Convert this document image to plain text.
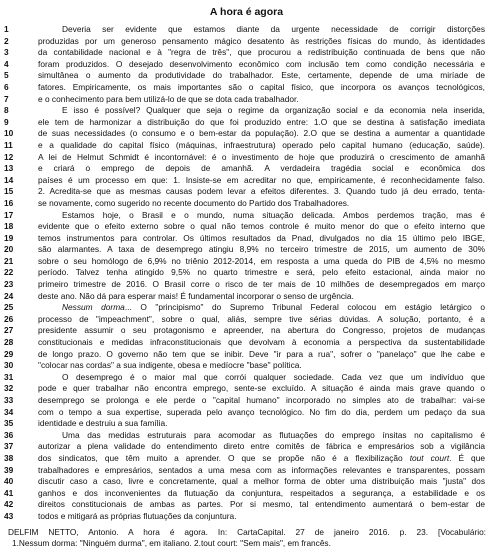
A hora é agora
1	Deveria ser evidente que estamos diante da urgente necessidade de corrigir distorções
2	produzidas por um generoso pensamento mágico desatento às restrições físicas do mundo, às identidades
3	da contabilidade nacional e à "regra de três", que procurou a redistribuição continuada de bens que não
4	foram produzidos. O desejado desenvolvimento econômico com inclusão tem como condição necessária e
5	simultânea o aumento da produtividade do trabalhador. Este, certamente, depende de uma miríade de
6	fatores. Empiricamente, os mais importantes são o capital físico, que incorpora os avanços tecnológicos,
7	e o conhecimento para bem utilizá-lo de que se dota cada trabalhador.
8	E isso é possível? Qualquer que seja o regime da organização social e da economia nela inserida,
9	ele tem de harmonizar a distribuição do que foi produzido entre: 1.O que se destina à satisfação imediata
10	de suas necessidades (o consumo e o bem-estar da população). 2.O que se destina a aumentar a quantidade
11	e a qualidade do capital físico (máquinas, infraestrutura) operado pelo capital humano (educação, saúde).
12	A lei de Helmut Schmidt é incontornável: é o investimento de hoje que produzirá o crescimento de amanhã
13	e criará o emprego de depois de amanhã. A verdadeira tragédia social e econômica dos
14	países é um processo em que: 1. Insiste-se em acreditar no que, empiricamente, é reconhecidamente falso.
15	2. Acredita-se que as mesmas causas podem levar a efeitos diferentes. 3. Quando tudo já deu errado, tenta-
16	se novamente, como sugerido no recente documento do Partido dos Trabalhadores.
17	Estamos hoje, o Brasil e o mundo, numa situação delicada. Ambos perdemos tração, mas é
18	evidente que o efeito externo sobre o qual não temos controle é muito menor do que o efeito interno que
19	temos instrumentos para controlar. Os últimos resultados da Pnad, divulgados no dia 15 último pelo IBGE,
20	são alarmantes. A taxa de desemprego atingiu 8,9% no terceiro trimestre de 2015, um aumento de 30%
21	sobre o seu homólogo de 6,9% no triênio 2012-2014, em resposta a uma queda do PIB de 4,5% no mesmo
22	período. Talvez tenha atingido 9,5% no quarto trimestre e será, pelo efeito estacional, ainda maior no
23	primeiro trimestre de 2016. O Brasil corre o risco de ter mais de 10 milhões de desempregados em março
24	deste ano. Não dá para esperar mais! É fundamental incorporar o senso de urgência.
25	Nessum dorma... O "principismo" do Supremo Tribunal Federal colocou em estágio letárgico o
26	processo de "impeachment", sobre o qual, aliás, sempre tive sérias dúvidas. A solução, portanto, é a
27	presidente assumir o seu protagonismo e apreender, na abertura do Congresso, projetos de mudanças
28	constitucionais e medidas infraconstitucionais que devolvam à economia a perspectiva da sustentabilidade
29	de longo prazo. O governo não tem que se inibir. Deve "ir para a rua", sofrer o "panelaço" que lhe cabe e
30	"colocar nas cordas" a sua indigente, obesa e medíocre "base" política.
31	O desemprego é o maior mal que corrói qualquer sociedade. Cada vez que um indivíduo que
32	pode e quer trabalhar não encontra emprego, sente-se excluído. A situação é ainda mais grave quando o
33	desemprego se prolonga e ele perde o "capital humano" incorporado no simples ato de trabalhar: vai-se
34	com o tempo a sua expertise, superada pelo avanço tecnológico. No fim do dia, perdem um pedaço da sua
35	identidade e destruiu a sua família.
36	Uma das medidas estruturais para acomodar as flutuações do emprego ínsitas no capitalismo é
37	autorizar a plena validade do entendimento direto entre comitês de fábrica e empresários sob a vigilância
38	dos sindicatos, que têm muito a aprender. O que se propõe não é a flexibilização tout court. É que
39	trabalhadores e empresários, sentados a uma mesa com as informações relevantes e transparentes, possam
40	discutir caso a caso, livre e concretamente, qual a melhor forma de obter uma distribuição mais "justa" dos
41	ganhos e dos inconvenientes da flutuação da conjuntura, respeitados a segurança, a estabilidade e os
42	direitos constitucionais de ambas as partes. Por si mesmo, tal entendimento aumentará o bem-estar de
43	todos e mitigará as próprias flutuações da conjuntura.
DELFIM NETTO, Antonio. A hora é agora. In: CartaCapital. 27 de janeiro 2016. p. 23. [Vocabulário:
1.Nessum dorma: "Ninguém durma", em italiano. 2.tout court: "Sem mais", em francês.
